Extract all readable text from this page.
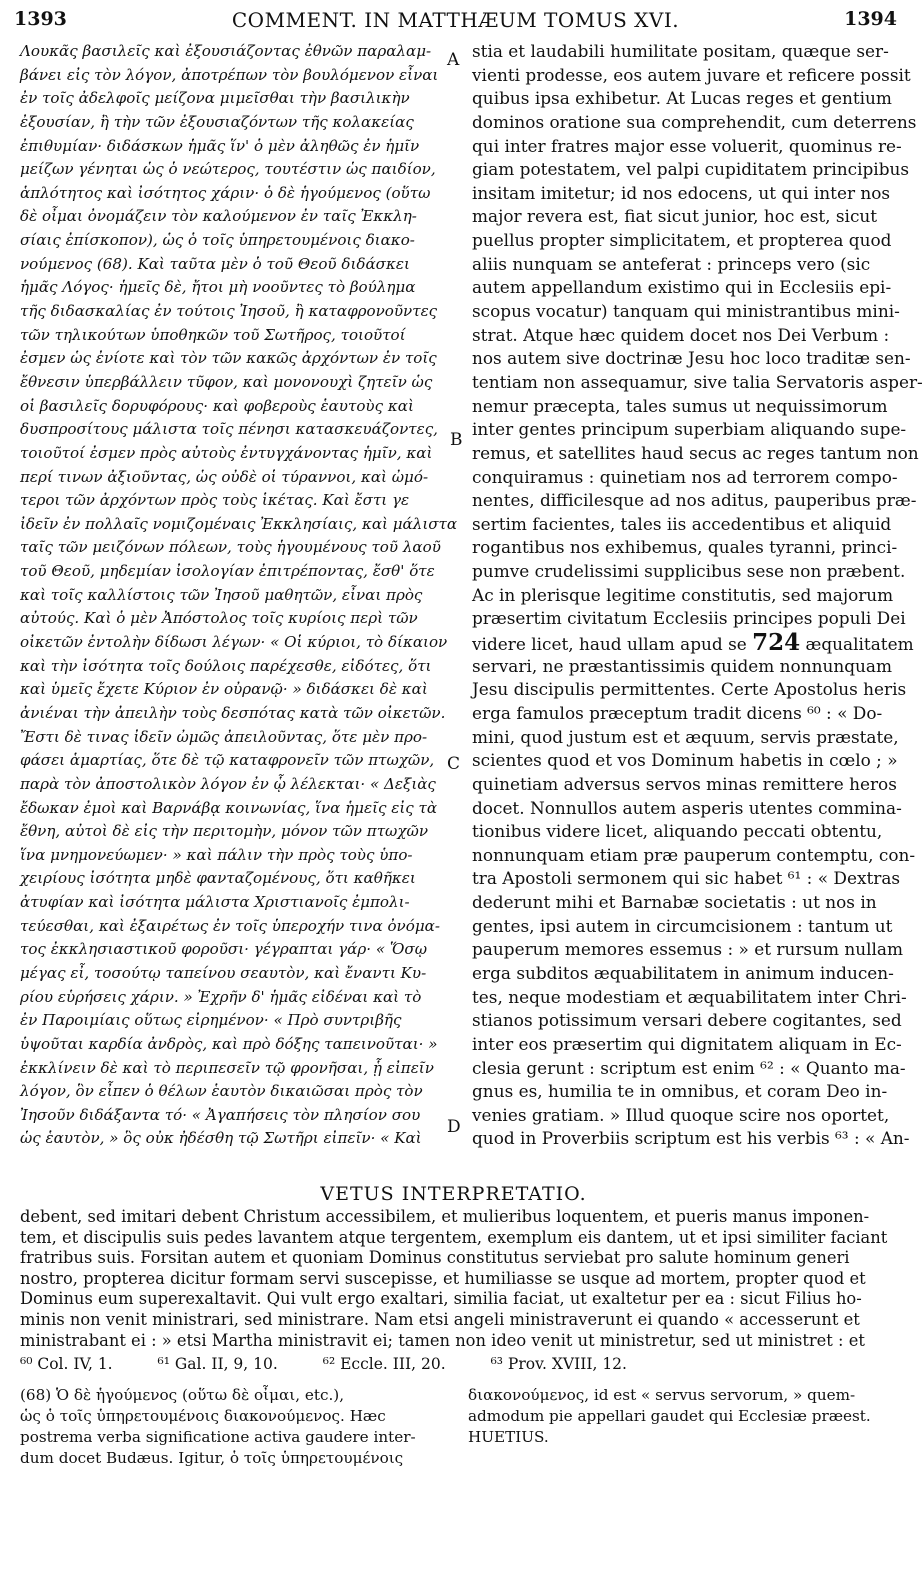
1393	COMMENT. IN MATTHÆUM TOMUS XVI.	1394
Λουκᾶς βασιλεῖς καὶ ἐξουσιάζοντας ἐθνῶν παραλαμ-
βάνει εἰς τὸν λόγον, ἀποτρέπων τὸν βουλόμενον εἶναι
ἐν τοῖς ἀδελφοῖς μείζονα μιμεῖσθαι τὴν βασιλικὴν
ἐξουσίαν, ἢ τὴν τῶν ἐξουσιαζόντων τῆς κολακείας
ἐπιθυμίαν· διδάσκων ἡμᾶς ἵν' ὁ μὲν ἀληθῶς ἐν ἡμῖν
μείζων γένηται ὡς ὁ νεώτερος, τουτέστιν ὡς παιδίον,
ἁπλότητος καὶ ἰσότητος χάριν· ὁ δὲ ἡγούμενος (οὕτω
δὲ οἶμαι ὀνομάζειν τὸν καλούμενον ἐν ταῖς Ἐκκλη-
σίαις ἐπίσκοπον), ὡς ὁ τοῖς ὑπηρετουμένοις διακο-
νούμενος (68). Καὶ ταῦτα μὲν ὁ τοῦ Θεοῦ διδάσκει
ἡμᾶς Λόγος· ἡμεῖς δὲ, ἤτοι μὴ νοοῦντες τὸ βούλημα
τῆς διδασκαλίας ἐν τούτοις Ἰησοῦ, ἢ καταφρονοῦντες
τῶν τηλικούτων ὑποθηκῶν τοῦ Σωτῆρος, τοιοῦτοί
ἐσμεν ὡς ἐνίοτε καὶ τὸν τῶν κακῶς ἀρχόντων ἐν τοῖς
ἔθνεσιν ὑπερβάλλειν τῦφον, καὶ μονονουχὶ ζητεῖν ὡς
οἱ βασιλεῖς δορυφόρους· καὶ φοβεροὺς ἑαυτοὺς καὶ
δυσπροσίτους μάλιστα τοῖς πένησι κατασκευάζοντες,
τοιοῦτοί ἐσμεν πρὸς αὐτοὺς ἐντυγχάνοντας ἡμῖν, καὶ
περί τινων ἀξιοῦντας, ὡς οὐδὲ οἱ τύραννοι, καὶ ὠμό-
τεροι τῶν ἀρχόντων πρὸς τοὺς ἱκέτας. Καὶ ἔστι γε
ἰδεῖν ἐν πολλαῖς νομιζομέναις Ἐκκλησίαις, καὶ μάλιστα
ταῖς τῶν μειζόνων πόλεων, τοὺς ἡγουμένους τοῦ λαοῦ
τοῦ Θεοῦ, μηδεμίαν ἰσολογίαν ἐπιτρέποντας, ἔσθ' ὅτε
καὶ τοῖς καλλίστοις τῶν Ἰησοῦ μαθητῶν, εἶναι πρὸς
αὐτούς. Καὶ ὁ μὲν Ἀπόστολος τοῖς κυρίοις περὶ τῶν
οἰκετῶν ἐντολὴν δίδωσι λέγων· « Οἱ κύριοι, τὸ δίκαιον
καὶ τὴν ἰσότητα τοῖς δούλοις παρέχεσθε, εἰδότες, ὅτι
καὶ ὑμεῖς ἔχετε Κύριον ἐν οὐρανῷ· » διδάσκει δὲ καὶ
ἀνιέναι τὴν ἀπειλὴν τοὺς δεσπότας κατὰ τῶν οἰκετῶν.
Ἔστι δὲ τινας ἰδεῖν ὠμῶς ἀπειλοῦντας, ὅτε μὲν προ-
φάσει ἁμαρτίας, ὅτε δὲ τῷ καταφρονεῖν τῶν πτωχῶν,
παρὰ τὸν ἀποστολικὸν λόγον ἐν ᾧ λέλεκται· « Δεξιὰς
ἔδωκαν ἐμοὶ καὶ Βαρνάβᾳ κοινωνίας, ἵνα ἡμεῖς εἰς τὰ
ἔθνη, αὐτοὶ δὲ εἰς τὴν περιτομὴν, μόνον τῶν πτωχῶν
ἵνα μνημονεύωμεν· » καὶ πάλιν τὴν πρὸς τοὺς ὑπο-
χειρίους ἰσότητα μηδὲ φανταζομένους, ὅτι καθῆκει
ἀτυφίαν καὶ ἰσότητα μάλιστα Χριστιανοῖς ἐμπολι-
τεύεσθαι, καὶ ἐξαιρέτως ἐν τοῖς ὑπεροχήν τινα ὀνόμα-
τος ἐκκλησιαστικοῦ φοροῦσι· γέγραπται γάρ· « Ὅσῳ
μέγας εἶ, τοσούτῳ ταπείνου σεαυτὸν, καὶ ἔναντι Κυ-
ρίου εὑρήσεις χάριν. » Ἐχρῆν δ' ἡμᾶς εἰδέναι καὶ τὸ
ἐν Παροιμίαις οὕτως εἰρημένον· « Πρὸ συντριβῆς
ὑψοῦται καρδία ἀνδρὸς, καὶ πρὸ δόξης ταπεινοῦται· »
ἐκκλίνειν δὲ καὶ τὸ περιπεσεῖν τῷ φρονῆσαι, ᾗ εἰπεῖν
λόγον, ὃν εἶπεν ὁ θέλων ἑαυτὸν δικαιῶσαι πρὸς τὸν
Ἰησοῦν διδάξαντα τό· « Ἀγαπήσεις τὸν πλησίον σου
ὡς ἑαυτὸν, » ὃς οὐκ ἠδέσθη τῷ Σωτῆρι εἰπεῖν· « Καὶ
stia et laudabili humilitate positam, quæque ser-
vienti prodesse, eos autem juvare et reficere possit
quibus ipsa exhibetur. At Lucas reges et gentium
dominos oratione sua comprehendit, cum deterrens
qui inter fratres major esse voluerit, quominus re-
giam potestatem, vel palpi cupiditatem principibus
insitam imitetur; id nos edocens, ut qui inter nos
major revera est, fiat sicut junior, hoc est, sicut
puellus propter simplicitatem, et propterea quod
aliis nunquam se anteferat : princeps vero (sic
autem appellandum existimo qui in Ecclesiis epi-
scopus vocatur) tanquam qui ministrantibus mini-
strat. Atque hæc quidem docet nos Dei Verbum :
nos autem sive doctrinæ Jesu hoc loco traditæ sen-
tentiam non assequamur, sive talia Servatoris asper-
nemur præcepta, tales sumus ut nequissimorum
inter gentes principum superbiam aliquando supe-
remus, et satellites haud secus ac reges tantum non
conquiramus : quinetiam nos ad terrorem compo-
nentes, difficilesque ad nos aditus, pauperibus præ-
sertim facientes, tales iis accedentibus et aliquid
rogantibus nos exhibemus, quales tyranni, princi-
pumve crudelissimi supplicibus sese non præbent.
Ac in plerisque legitime constitutis, sed majorum
præsertim civitatum Ecclesiis principes populi Dei
videre licet, haud ullam apud se 724 æqualitatem
servari, ne præstantissimis quidem nonnunquam
Jesu discipulis permittentes. Certe Apostolus heris
erga famulos præceptum tradit dicens ⁶⁰ : « Do-
mini, quod justum est et æquum, servis præstate,
scientes quod et vos Dominum habetis in cœlo ; »
quinetiam adversus servos minas remittere heros
docet. Nonnullos autem asperis utentes commina-
tionibus videre licet, aliquando peccati obtentu,
nonnunquam etiam præ pauperum contemptu, con-
tra Apostoli sermonem qui sic habet ⁶¹ : « Dextras
dederunt mihi et Barnabæ societatis : ut nos in
gentes, ipsi autem in circumcisionem : tantum ut
pauperum memores essemus : » et rursum nullam
erga subditos æquabilitatem in animum inducen-
tes, neque modestiam et æquabilitatem inter Chri-
stianos potissimum versari debere cogitantes, sed
inter eos præsertim qui dignitatem aliquam in Ec-
clesia gerunt : scriptum est enim ⁶² : « Quanto ma-
gnus es, humilia te in omnibus, et coram Deo in-
venies gratiam. » Illud quoque scire nos oportet,
quod in Proverbiis scriptum est his verbis ⁶³ : « An-
A
B
C
D
VETUS INTERPRETATIO.
debent, sed imitari debent Christum accessibilem, et mulieribus loquentem, et pueris manus imponen-
tem, et discipulis suis pedes lavantem atque tergentem, exemplum eis dantem, ut et ipsi similiter faciant
fratribus suis. Forsitan autem et quoniam Dominus constitutus serviebat pro salute hominum generi
nostro, propterea dicitur formam servi suscepisse, et humiliasse se usque ad mortem, propter quod et
Dominus eum superexaltavit. Qui vult ergo exaltari, similia faciat, ut exaltetur per ea : sicut Filius ho-
minis non venit ministrari, sed ministrare. Nam etsi angeli ministraverunt ei quando « accesserunt et
ministrabant ei : » etsi Martha ministravit ei; tamen non ideo venit ut ministretur, sed ut ministret : et
⁶⁰ Col. IV, 1.	⁶¹ Gal. II, 9, 10.	⁶² Eccle. III, 20.	⁶³ Prov. XVIII, 12.
(68) Ὁ δὲ ἡγούμενος (οὕτω δὲ οἶμαι, etc.),
ὡς ὁ τοῖς ὑπηρετουμένοις διακονούμενος. Hæc
postrema verba significatione activa gaudere inter-
dum docet Budæus. Igitur, ὁ τοῖς ὑπηρετουμένοις
διακονούμενος, id est « servus servorum, » quem-
admodum pie appellari gaudet qui Ecclesiæ præest.
HUETIUS.
